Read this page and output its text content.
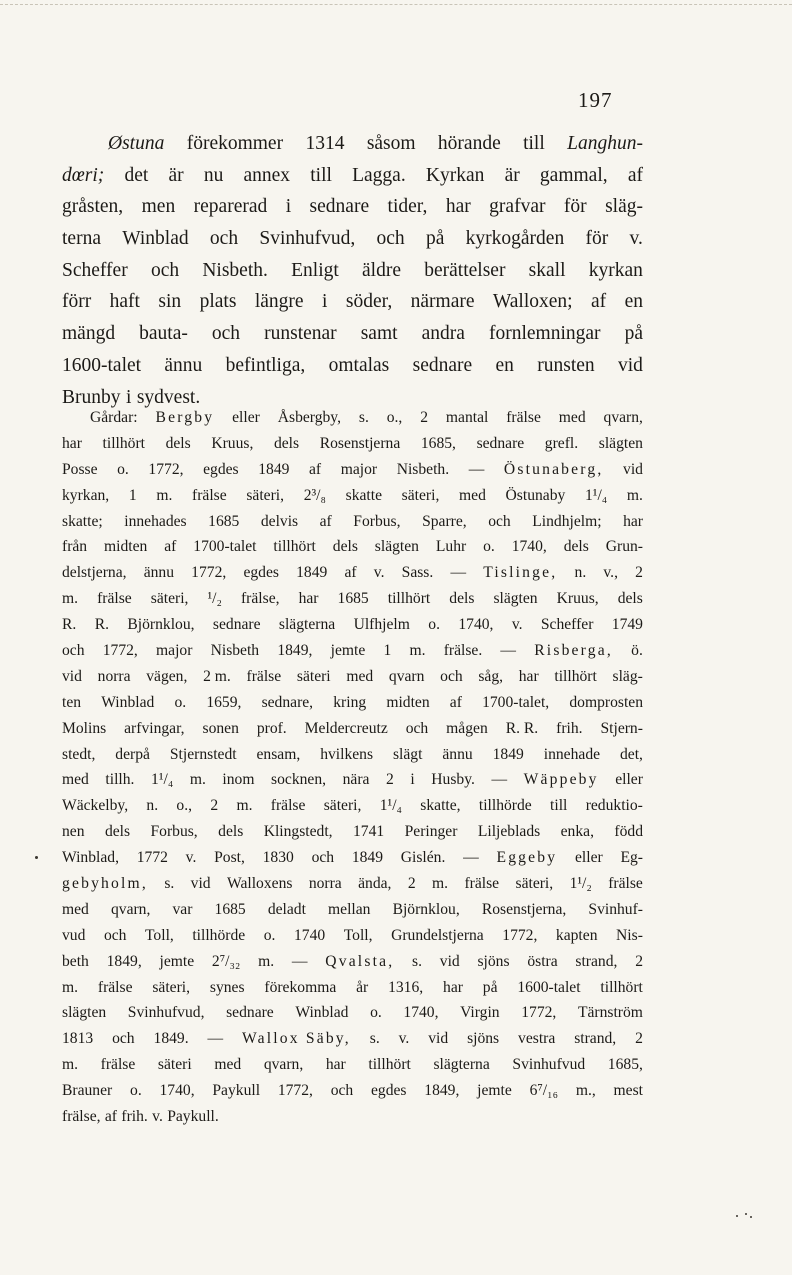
197
Østuna förekommer 1314 såsom hörande till Langhun-
dœri; det är nu annex till Lagga. Kyrkan är gammal, af
gråsten, men reparerad i sednare tider, har grafvar för släg-
terna Winblad och Svinhufvud, och på kyrkogården för v.
Scheffer och Nisbeth. Enligt äldre berättelser skall kyrkan
förr haft sin plats längre i söder, närmare Walloxen; af en
mängd bauta- och runstenar samt andra fornlemningar på
1600-talet ännu befintliga, omtalas sednare en runsten vid
Brunby i sydvest.
Gårdar: Bergby eller Åsbergby, s. o., 2 mantal frälse med qvarn,
har tillhört dels Kruus, dels Rosenstjerna 1685, sednare grefl. slägten
Posse o. 1772, egdes 1849 af major Nisbeth. — Östunaberg, vid
kyrkan, 1 m. frälse säteri, 2³/₈ skatte säteri, med Östunaby 1¹/₄ m.
skatte; innehades 1685 delvis af Forbus, Sparre, och Lindhjelm; har
från midten af 1700-talet tillhört dels slägten Luhr o. 1740, dels Grun-
delstjerna, ännu 1772, egdes 1849 af v. Sass. — Tislinge, n. v., 2
m. frälse säteri, ¹/₂ frälse, har 1685 tillhört dels slägten Kruus, dels
R. R. Björnklou, sednare slägterna Ulfhjelm o. 1740, v. Scheffer 1749
och 1772, major Nisbeth 1849, jemte 1 m. frälse. — Risberga, ö.
vid norra vägen, 2 m. frälse säteri med qvarn och såg, har tillhört släg-
ten Winblad o. 1659, sednare, kring midten af 1700-talet, domprosten
Molins arfvingar, sonen prof. Meldercreutz och mågen R. R. frih. Stjern-
stedt, derpå Stjernstedt ensam, hvilkens slägt ännu 1849 innehade det,
med tillh. 1¹/₄ m. inom socknen, nära 2 i Husby. — Wäppeby eller
Wäckelby, n. o., 2 m. frälse säteri, 1¹/₄ skatte, tillhörde till reduktio-
nen dels Forbus, dels Klingstedt, 1741 Peringer Liljeblads enka, född
Winblad, 1772 v. Post, 1830 och 1849 Gislén. — Eggeby eller Eg-
gebyholm, s. vid Walloxens norra ända, 2 m. frälse säteri, 1¹/₂ frälse
med qvarn, var 1685 deladt mellan Björnklou, Rosenstjerna, Svinhuf-
vud och Toll, tillhörde o. 1740 Toll, Grundelstjerna 1772, kapten Nis-
beth 1849, jemte 2⁷/₃₂ m. — Qvalsta, s. vid sjöns östra strand, 2
m. frälse säteri, synes förekomma år 1316, har på 1600-talet tillhört
slägten Svinhufvud, sednare Winblad o. 1740, Virgin 1772, Tärnström
1813 och 1849. — Wallox Säby, s. v. vid sjöns vestra strand, 2
m. frälse säteri med qvarn, har tillhört slägterna Svinhufvud 1685,
Brauner o. 1740, Paykull 1772, och egdes 1849, jemte 6⁷/₁₆ m., mest
frälse, af frih. v. Paykull.
